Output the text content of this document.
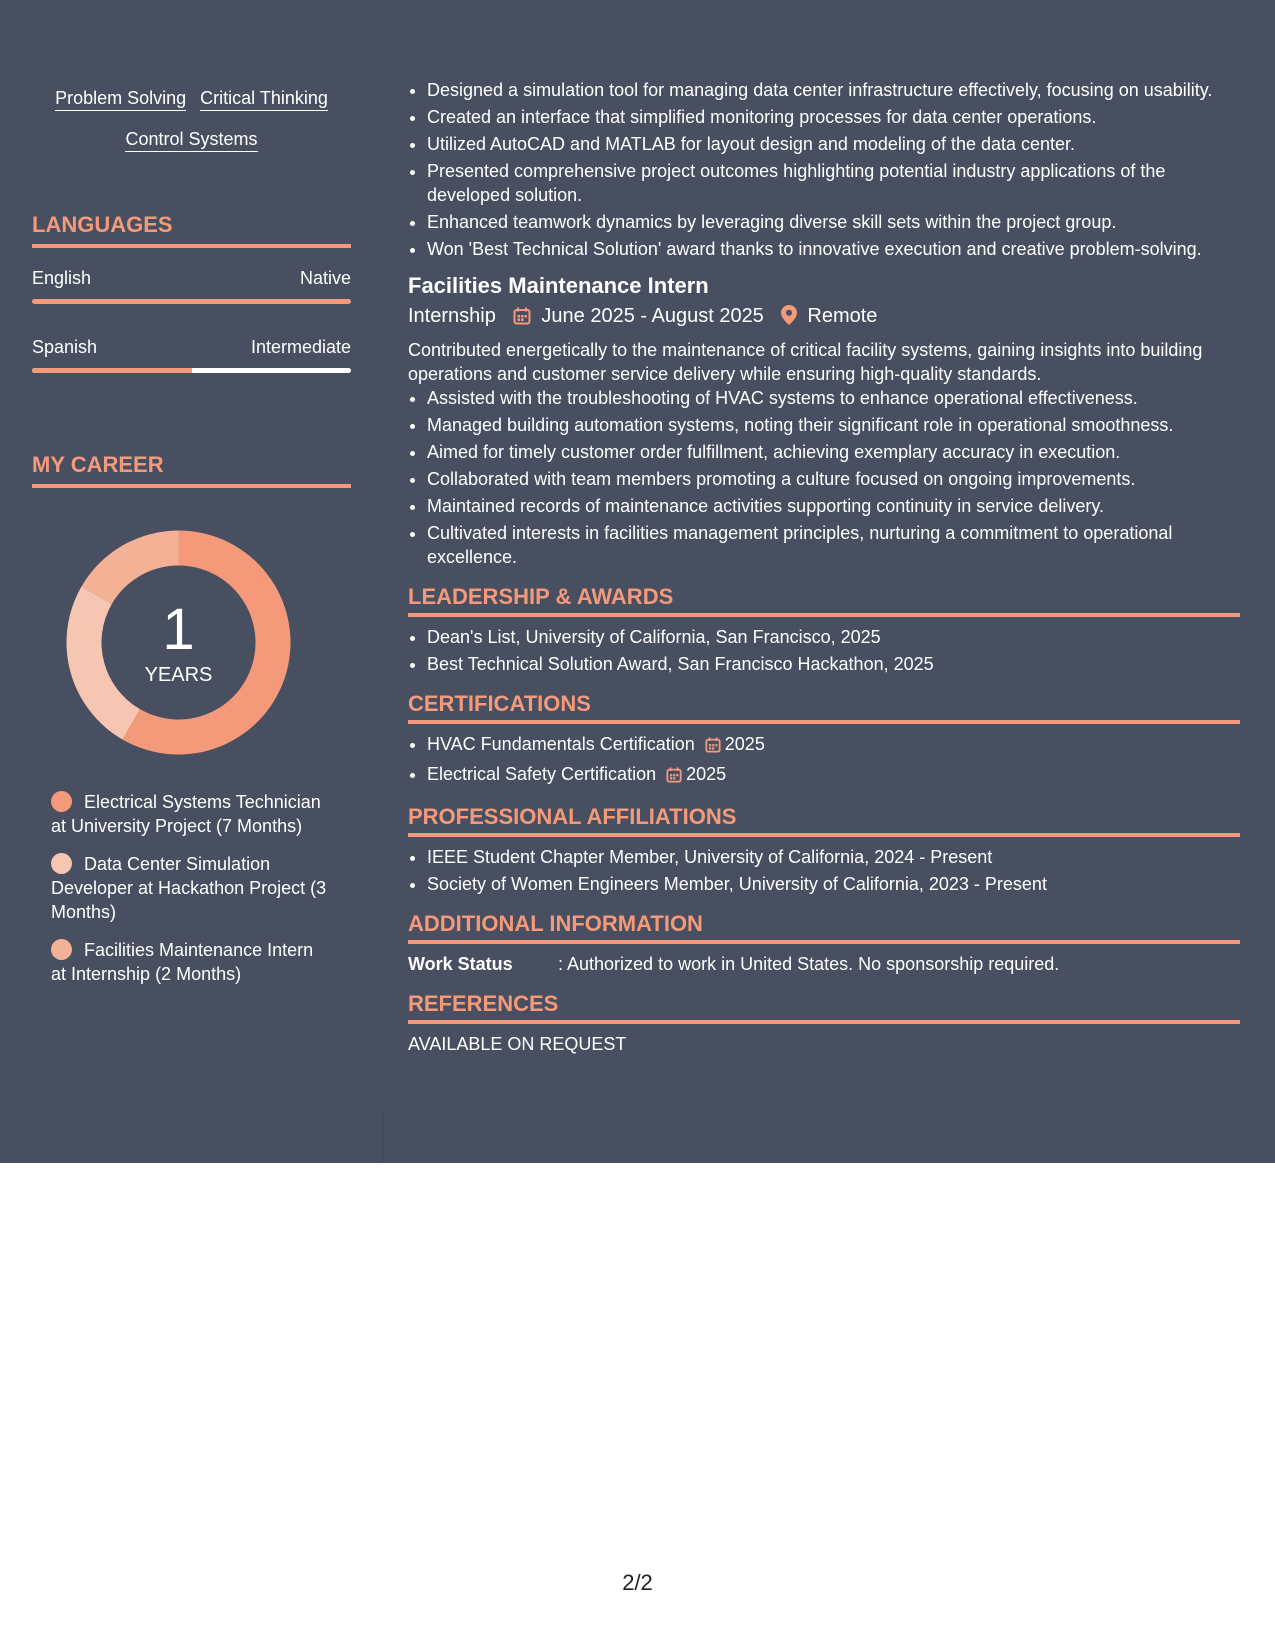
Problem Solving Critical Thinking
Control Systems
LANGUAGES
English	Native
Spanish	Intermediate
MY CAREER
1
YEARS
Electrical Systems Technician at University Project (7 Months)
Data Center Simulation Developer at Hackathon Project (3 Months)
Facilities Maintenance Intern at Internship (2 Months)
• Designed a simulation tool for managing data center infrastructure effectively, focusing on usability.
• Created an interface that simplified monitoring processes for data center operations.
• Utilized AutoCAD and MATLAB for layout design and modeling of the data center.
• Presented comprehensive project outcomes highlighting potential industry applications of the developed solution.
• Enhanced teamwork dynamics by leveraging diverse skill sets within the project group.
• Won 'Best Technical Solution' award thanks to innovative execution and creative problem-solving.
Facilities Maintenance Intern
Internship June 2025 - August 2025 Remote
Contributed energetically to the maintenance of critical facility systems, gaining insights into building operations and customer service delivery while ensuring high-quality standards.
• Assisted with the troubleshooting of HVAC systems to enhance operational effectiveness.
• Managed building automation systems, noting their significant role in operational smoothness.
• Aimed for timely customer order fulfillment, achieving exemplary accuracy in execution.
• Collaborated with team members promoting a culture focused on ongoing improvements.
• Maintained records of maintenance activities supporting continuity in service delivery.
• Cultivated interests in facilities management principles, nurturing a commitment to operational excellence.
LEADERSHIP & AWARDS
• Dean's List, University of California, San Francisco, 2025
• Best Technical Solution Award, San Francisco Hackathon, 2025
CERTIFICATIONS
• HVAC Fundamentals Certification 2025
• Electrical Safety Certification 2025
PROFESSIONAL AFFILIATIONS
• IEEE Student Chapter Member, University of California, 2024 - Present
• Society of Women Engineers Member, University of California, 2023 - Present
ADDITIONAL INFORMATION
Work Status	: Authorized to work in United States. No sponsorship required.
REFERENCES
AVAILABLE ON REQUEST
2/2
